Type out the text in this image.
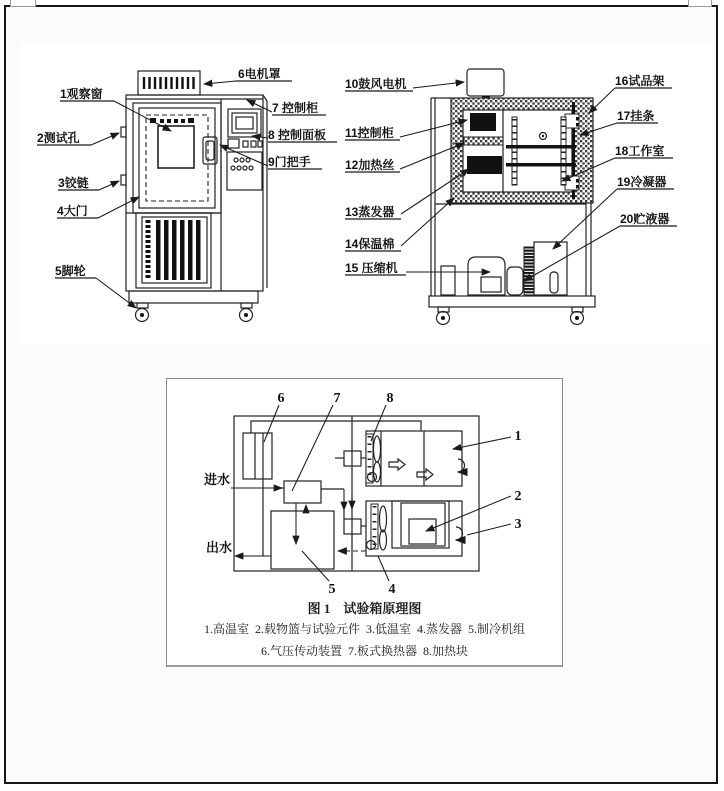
1观察窗
2测试孔
3铰链
4大门
5脚轮
6电机罩
7 控制柜
8 控制面板
9门把手
10鼓风电机
11控制柜
12加热丝
13蒸发器
14保温棉
15 压缩机
16试品架
17挂条
18工作室
19冷凝器
20贮液器
进水
出水
6	7	8
1
2
3
5	4
图 1　试验箱原理图
1.高温室  2.载物篮与试验元件  3.低温室  4.蒸发器  5.制冷机组
6.气压传动装置  7.板式换热器  8.加热块
